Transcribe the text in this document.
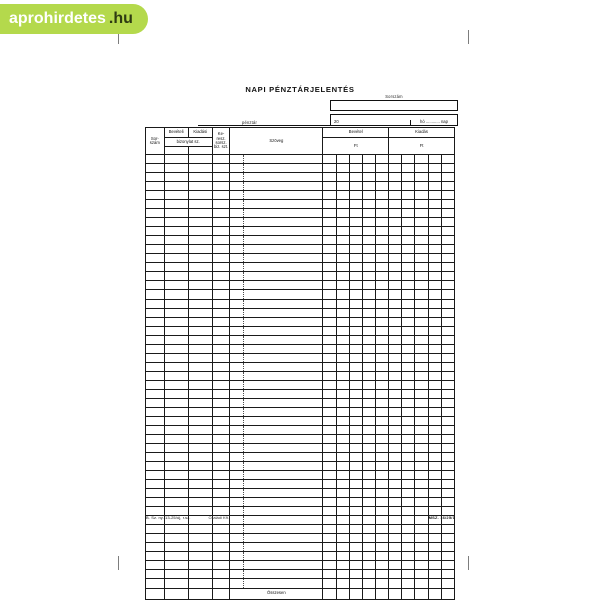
aprohirdetes .hu
NAPI PÉNZTÁRJELENTÉS
Sorszám
20	hó ............ nap
pénztár
Sor- szám	Bevételi	Kiadási	Ke- resz. sorsz. biz. szt.	Szöveg	Bevétel					Kiadás				
	bizonylat sz.				Ft					Ft				

				Összesen										
B. Sz. ny. 13-25/új, r.sz.	Családi Kft.	MSZ. 16/25/1
